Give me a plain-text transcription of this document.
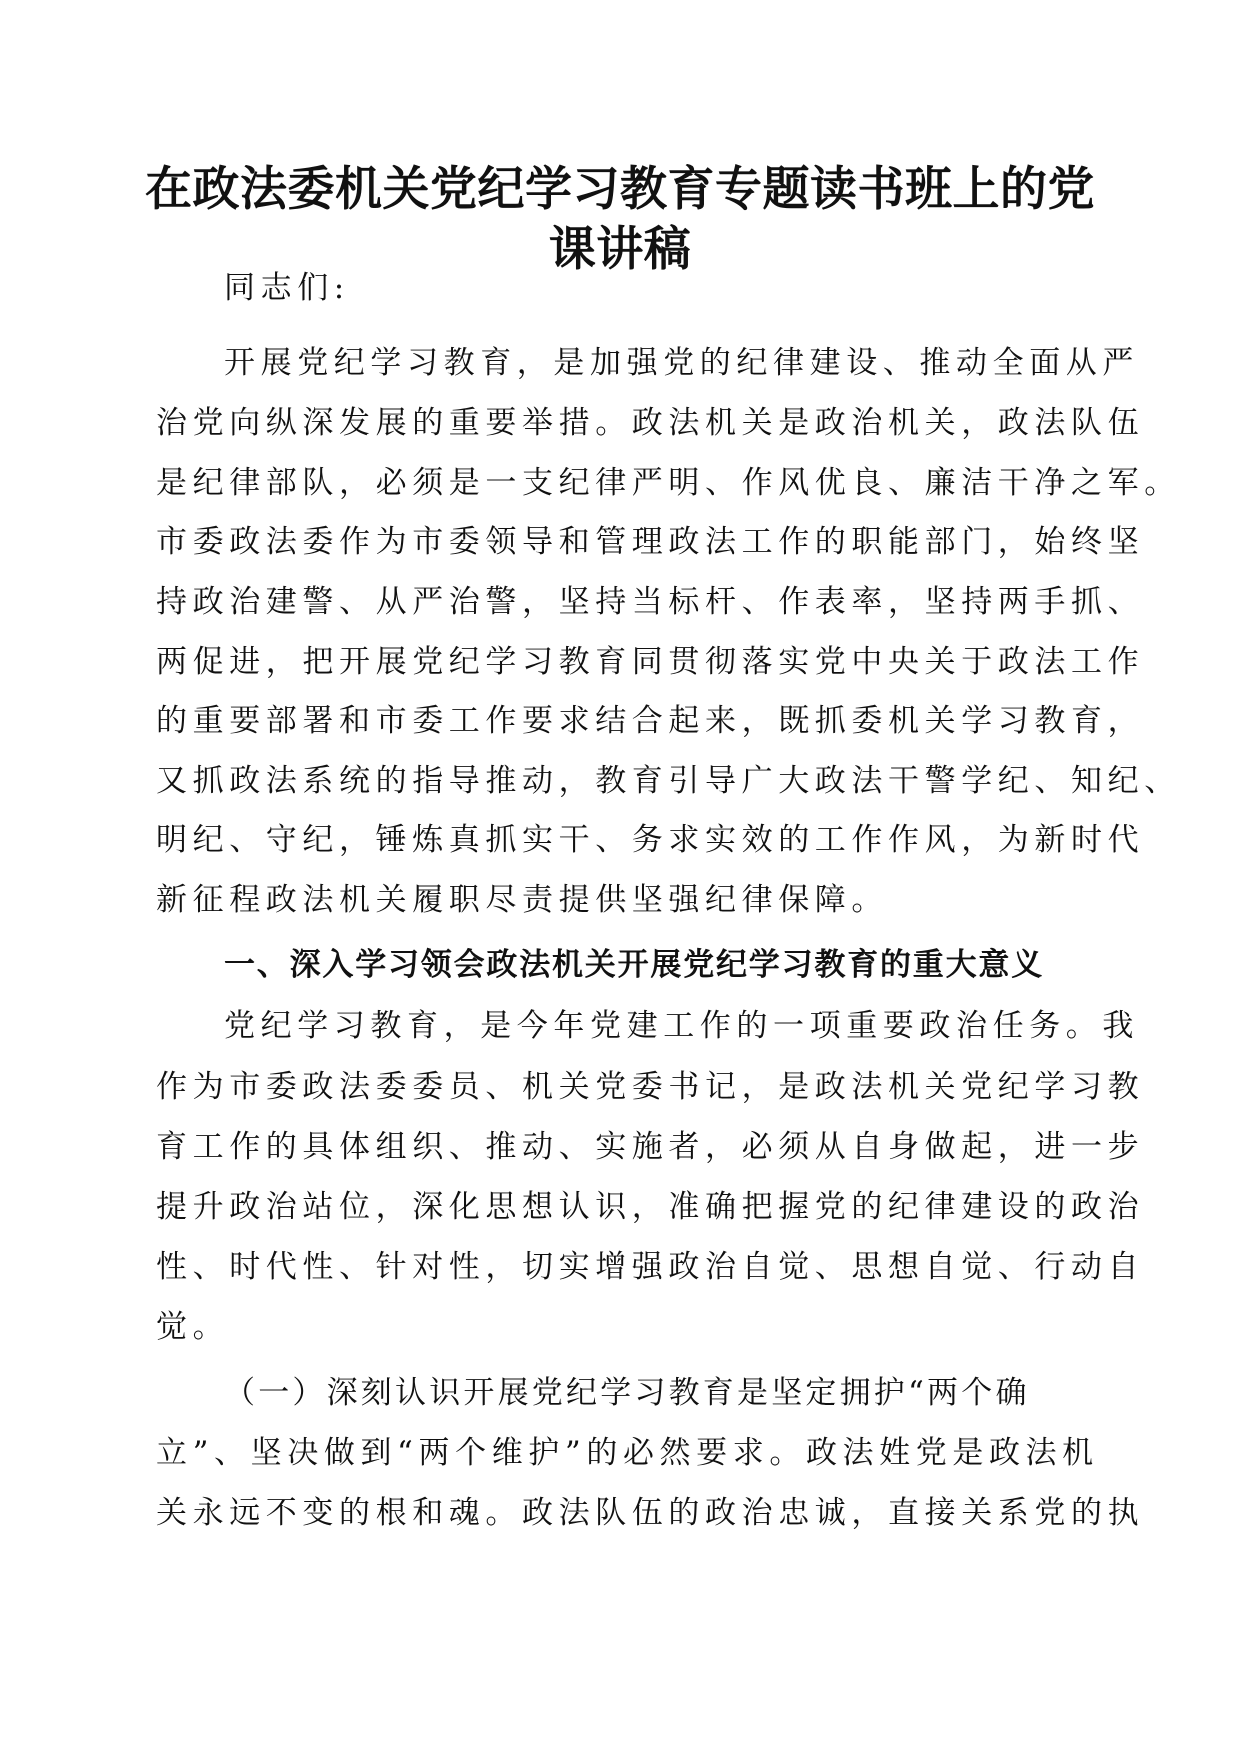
在政法委机关党纪学习教育专题读书班上的党
课讲稿

同志们:

开展党纪学习教育，是加强党的纪律建设、推动全面从严

治党向纵深发展的重要举措。政法机关是政治机关，政法队伍

是纪律部队，必须是一支纪律严明、作风优良、廉洁干净之军。

市委政法委作为市委领导和管理政法工作的职能部门，始终坚

持政治建警、从严治警，坚持当标杆、作表率，坚持两手抓、

两促进，把开展党纪学习教育同贯彻落实党中央关于政法工作

的重要部署和市委工作要求结合起来，既抓委机关学习教育，

又抓政法系统的指导推动，教育引导广大政法干警学纪、知纪、

明纪、守纪，锤炼真抓实干、务求实效的工作作风，为新时代

新征程政法机关履职尽责提供坚强纪律保障。

一、深入学习领会政法机关开展党纪学习教育的重大意义

党纪学习教育，是今年党建工作的一项重要政治任务。我

作为市委政法委委员、机关党委书记，是政法机关党纪学习教

育工作的具体组织、推动、实施者，必须从自身做起，进一步

提升政治站位，深化思想认识，准确把握党的纪律建设的政治

性、时代性、针对性，切实增强政治自觉、思想自觉、行动自

觉。

（一）深刻认识开展党纪学习教育是坚定拥护“两个确

立”、坚决做到“两个维护”的必然要求。政法姓党是政法机

关永远不变的根和魂。政法队伍的政治忠诚，直接关系党的执
